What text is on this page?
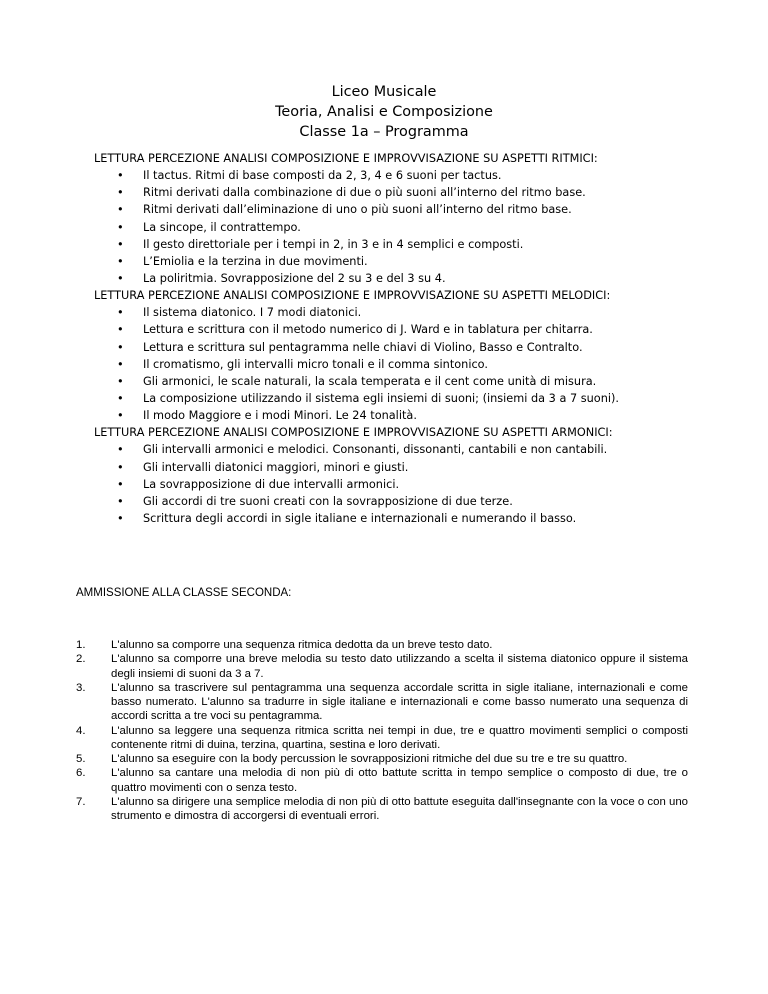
Liceo Musicale
Teoria, Analisi e Composizione
Classe 1a – Programma
LETTURA PERCEZIONE ANALISI COMPOSIZIONE E IMPROVVISAZIONE SU ASPETTI RITMICI:
• Il tactus. Ritmi di base composti da 2, 3, 4 e 6 suoni per tactus.
• Ritmi derivati dalla combinazione di due o più suoni all’interno del ritmo base.
• Ritmi derivati dall’eliminazione di uno o più suoni all’interno del ritmo base.
• La sincope, il contrattempo.
• Il gesto direttoriale per i tempi in 2, in 3 e in 4 semplici e composti.
• L’Emiolia e la terzina in due movimenti.
• La poliritmia. Sovrapposizione del 2 su 3 e del 3 su 4.
LETTURA PERCEZIONE ANALISI COMPOSIZIONE E IMPROVVISAZIONE SU ASPETTI MELODICI:
• Il sistema diatonico. I 7 modi diatonici.
• Lettura e scrittura con il metodo numerico di J. Ward e in tablatura per chitarra.
• Lettura e scrittura sul pentagramma nelle chiavi di Violino, Basso e Contralto.
• Il cromatismo, gli intervalli micro tonali e il comma sintonico.
• Gli armonici, le scale naturali, la scala temperata e il cent come unità di misura.
• La composizione utilizzando il sistema egli insiemi di suoni; (insiemi da 3 a 7 suoni).
• Il modo Maggiore e i modi Minori. Le 24 tonalità.
LETTURA PERCEZIONE ANALISI COMPOSIZIONE E IMPROVVISAZIONE SU ASPETTI ARMONICI:
• Gli intervalli armonici e melodici. Consonanti, dissonanti, cantabili e non cantabili.
• Gli intervalli diatonici maggiori, minori e giusti.
• La sovrapposizione di due intervalli armonici.
• Gli accordi di tre suoni creati con la sovrapposizione di due terze.
• Scrittura degli accordi in sigle italiane e internazionali e numerando il basso.
AMMISSIONE ALLA CLASSE SECONDA:
1. L'alunno sa comporre una sequenza ritmica dedotta da un breve testo dato.
2. L'alunno sa comporre una breve melodia su testo dato utilizzando a scelta il sistema diatonico oppure il sistema degli insiemi di suoni da 3 a 7.
3. L'alunno sa trascrivere sul pentagramma una sequenza accordale scritta in sigle italiane, internazionali e come basso numerato. L'alunno sa tradurre in sigle italiane e internazionali e come basso numerato una sequenza di accordi scritta a tre voci su pentagramma.
4. L'alunno sa leggere una sequenza ritmica scritta nei tempi in due, tre e quattro movimenti semplici o composti contenente ritmi di duina, terzina, quartina, sestina e loro derivati.
5. L'alunno sa eseguire con la body percussion le sovrapposizioni ritmiche del due su tre e tre su quattro.
6. L'alunno sa cantare una melodia di non più di otto battute scritta in tempo semplice o composto di due, tre o quattro movimenti con o senza testo.
7. L'alunno sa dirigere una semplice melodia di non più di otto battute eseguita dall'insegnante con la voce o con uno strumento e dimostra di accorgersi di eventuali errori.
